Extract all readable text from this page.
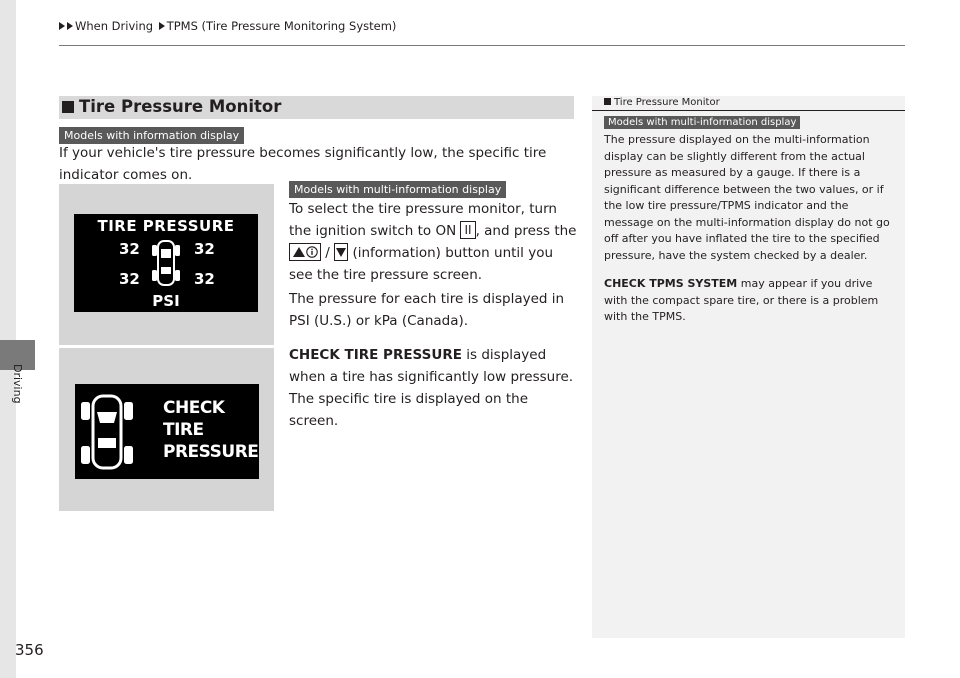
When Driving TPMS (Tire Pressure Monitoring System)
Driving
356
Tire Pressure Monitor
Models with information display
If your vehicle's tire pressure becomes significantly low, the specific tire indicator comes on.
Models with multi-information display
To select the tire pressure monitor, turn the ignition switch to ON II , and press the  / (information) button until you see the tire pressure screen.
The pressure for each tire is displayed in PSI (U.S.) or kPa (Canada).
CHECK TIRE PRESSURE is displayed when a tire has significantly low pressure. The specific tire is displayed on the screen.
TIRE PRESSURE
32	32
32	32
PSI
CHECK
TIRE
PRESSURE
Tire Pressure Monitor
Models with multi-information display
The pressure displayed on the multi-information display can be slightly different from the actual pressure as measured by a gauge. If there is a significant difference between the two values, or if the low tire pressure/TPMS indicator and the message on the multi-information display do not go off after you have inflated the tire to the specified pressure, have the system checked by a dealer.
CHECK TPMS SYSTEM may appear if you drive with the compact spare tire, or there is a problem with the TPMS.
